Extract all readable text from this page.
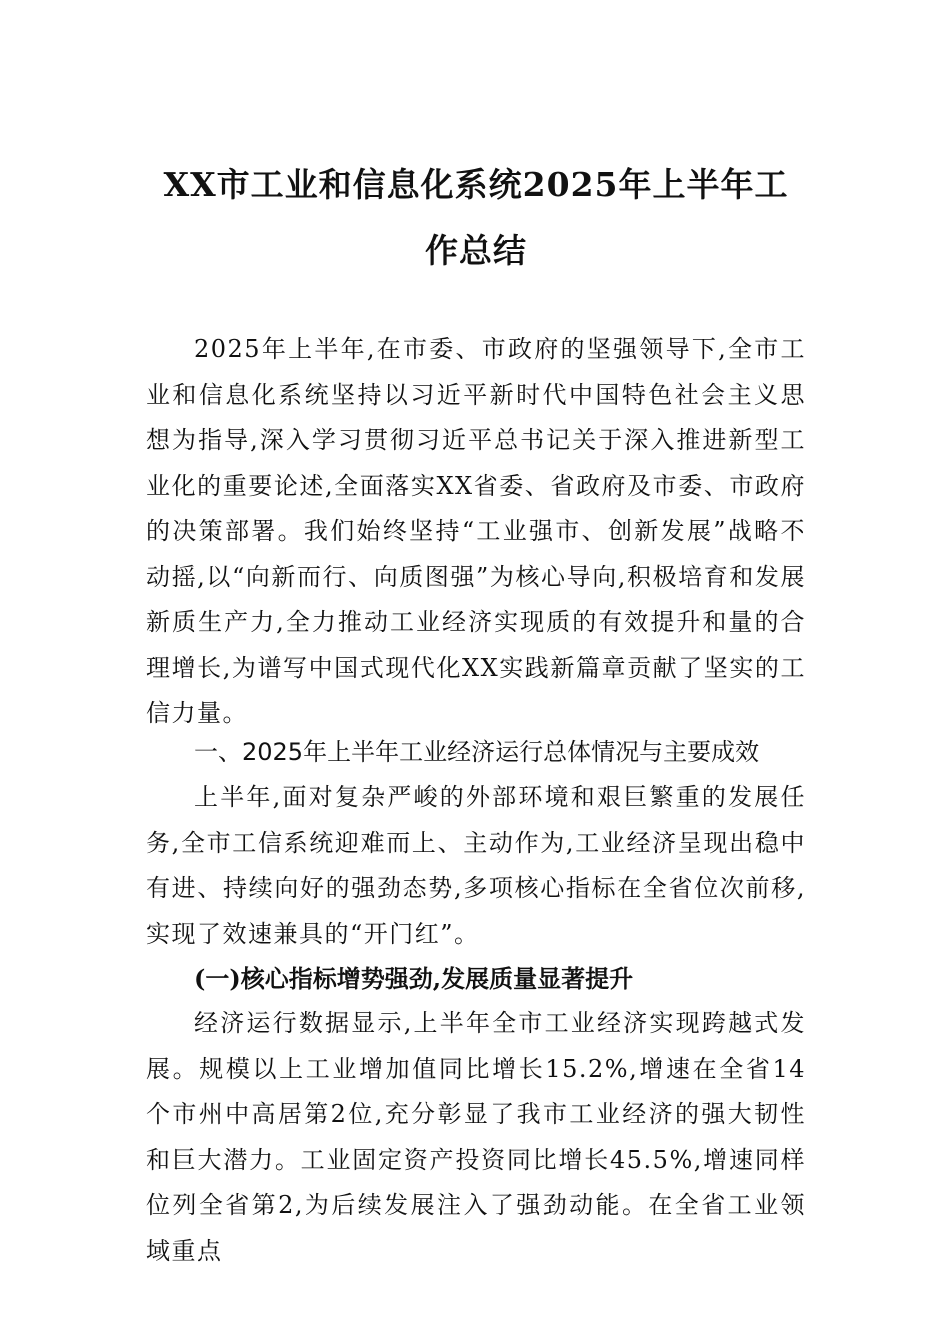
XX市工业和信息化系统2025年上半年工
作总结

2025年上半年,在市委、市政府的坚强领导下,全市工业和信息化系统坚持以习近平新时代中国特色社会主义思想为指导,深入学习贯彻习近平总书记关于深入推进新型工业化的重要论述,全面落实XX省委、省政府及市委、市政府的决策部署。我们始终坚持“工业强市、创新发展”战略不动摇,以“向新而行、向质图强”为核心导向,积极培育和发展新质生产力,全力推动工业经济实现质的有效提升和量的合理增长,为谱写中国式现代化XX实践新篇章贡献了坚实的工信力量。

一、2025年上半年工业经济运行总体情况与主要成效

上半年,面对复杂严峻的外部环境和艰巨繁重的发展任务,全市工信系统迎难而上、主动作为,工业经济呈现出稳中有进、持续向好的强劲态势,多项核心指标在全省位次前移,实现了效速兼具的“开门红”。

(一)核心指标增势强劲,发展质量显著提升

经济运行数据显示,上半年全市工业经济实现跨越式发展。规模以上工业增加值同比增长15.2%,增速在全省14个市州中高居第2位,充分彰显了我市工业经济的强大韧性和巨大潜力。工业固定资产投资同比增长45.5%,增速同样位列全省第2,为后续发展注入了强劲动能。在全省工业领域重点
